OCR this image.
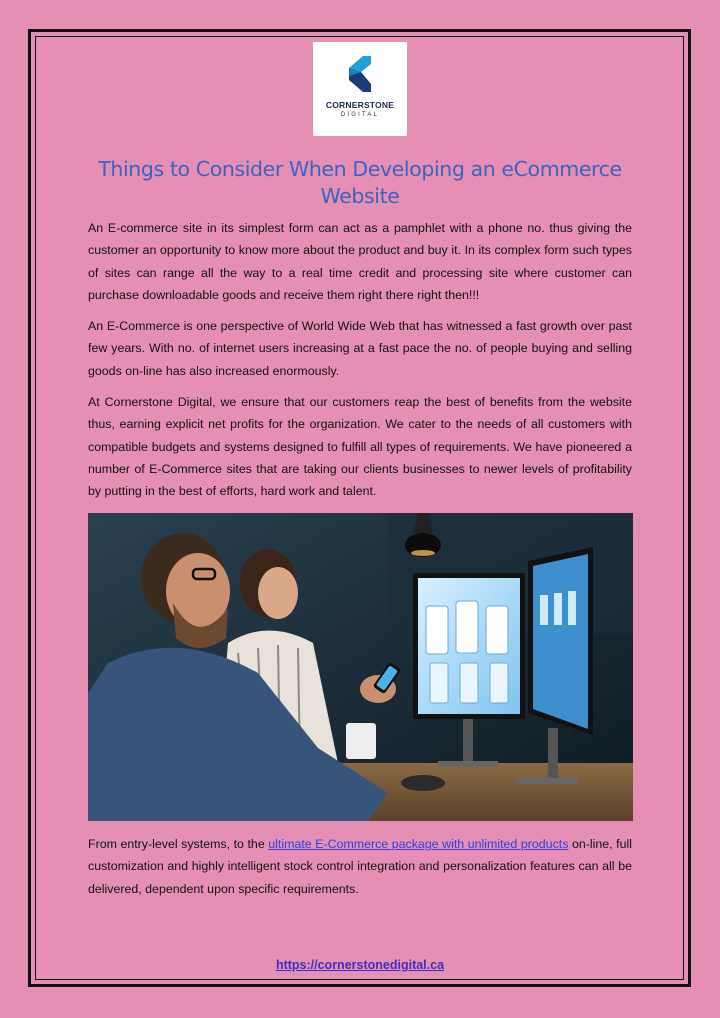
CORNERSTONE
DIGITAL
Things to Consider When Developing an eCommerce Website

An E-commerce site in its simplest form can act as a pamphlet with a phone no. thus giving the customer an opportunity to know more about the product and buy it. In its complex form such types of sites can range all the way to a real time credit and processing site where customer can purchase downloadable goods and receive them right there right then!!!

An E-Commerce is one perspective of World Wide Web that has witnessed a fast growth over past few years. With no. of internet users increasing at a fast pace the no. of people buying and selling goods on-line has also increased enormously.

At Cornerstone Digital, we ensure that our customers reap the best of benefits from the website thus, earning explicit net profits for the organization. We cater to the needs of all customers with compatible budgets and systems designed to fulfill all types of requirements. We have pioneered a number of E-Commerce sites that are taking our clients businesses to newer levels of profitability by putting in the best of efforts, hard work and talent.

From entry-level systems, to the ultimate E-Commerce package with unlimited products on-line, full customization and highly intelligent stock control integration and personalization features can all be delivered, dependent upon specific requirements.

https://cornerstonedigital.ca
